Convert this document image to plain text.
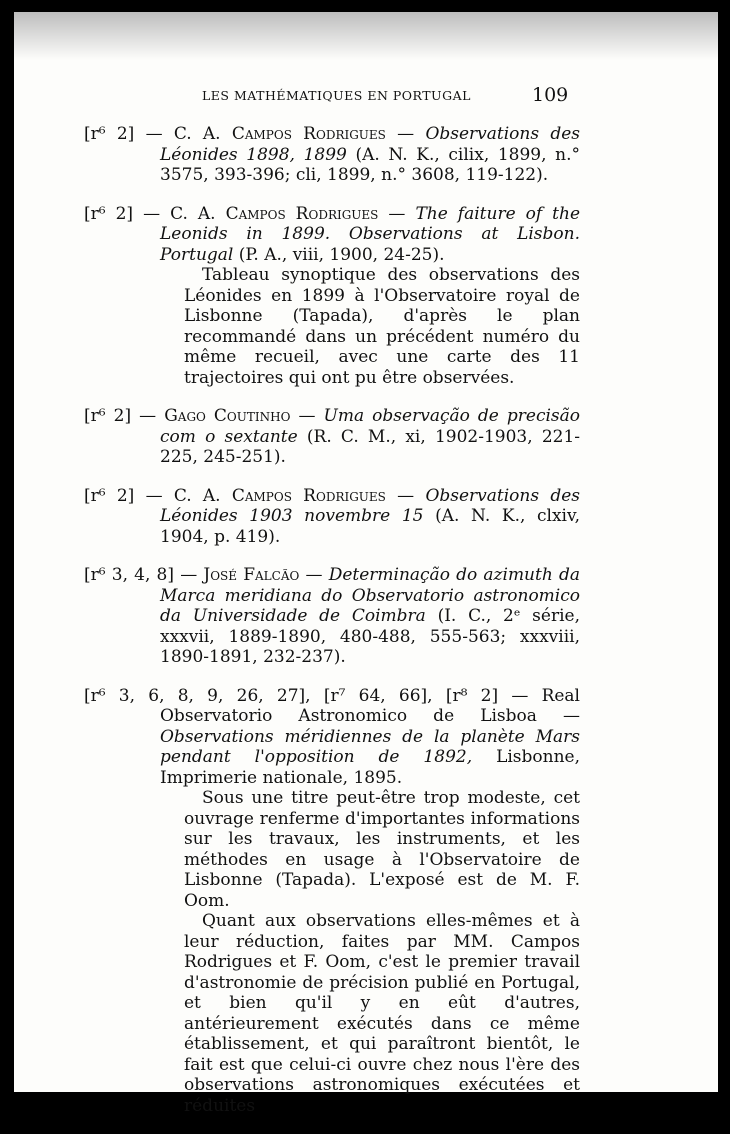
LES MATHÉMATIQUES EN PORTUGAL	109
[r⁶ 2] — C. A. Campos Rodrigues — Observations des Léonides 1898, 1899 (A. N. K., cilix, 1899, n.° 3575, 393-396; cli, 1899, n.° 3608, 119-122).
[r⁶ 2] — C. A. Campos Rodrigues — The faiture of the Leonids in 1899. Observations at Lisbon. Portugal (P. A., viii, 1900, 24-25).

Tableau synoptique des observations des Léonides en 1899 à l'Observatoire royal de Lisbonne (Tapada), d'après le plan recommandé dans un précédent numéro du même recueil, avec une carte des 11 trajectoires qui ont pu être observées.

[r⁶ 2] — Gago Coutinho — Uma observação de precisão com o sextante (R. C. M., xi, 1902-1903, 221-225, 245-251).
[r⁶ 2] — C. A. Campos Rodrigues — Observations des Léonides 1903 novembre 15 (A. N. K., clxiv, 1904, p. 419).
[r⁶ 3, 4, 8] — José Falcão — Determinação do azimuth da Marca meridiana do Observatorio astronomico da Universidade de Coimbra (I. C., 2ᵉ série, xxxvii, 1889-1890, 480-488, 555-563; xxxviii, 1890-1891, 232-237).
[r⁶ 3, 6, 8, 9, 26, 27], [r⁷ 64, 66], [r⁸ 2] — Real Observatorio Astronomico de Lisboa — Observations méridiennes de la planète Mars pendant l'opposition de 1892, Lisbonne, Imprimerie nationale, 1895.

Sous une titre peut-être trop modeste, cet ouvrage renferme d'importantes informations sur les travaux, les instruments, et les méthodes en usage à l'Observatoire de Lisbonne (Tapada). L'exposé est de M. F. Oom.

Quant aux observations elles-mêmes et à leur réduction, faites par MM. Campos Rodrigues et F. Oom, c'est le premier travail d'astronomie de précision publié en Portugal, et bien qu'il y en eût d'autres, antérieurement exécutés dans ce même établissement, et qui paraîtront bientôt, le fait est que celui-ci ouvre chez nous l'ère des observations astronomiques exécutées et réduites
